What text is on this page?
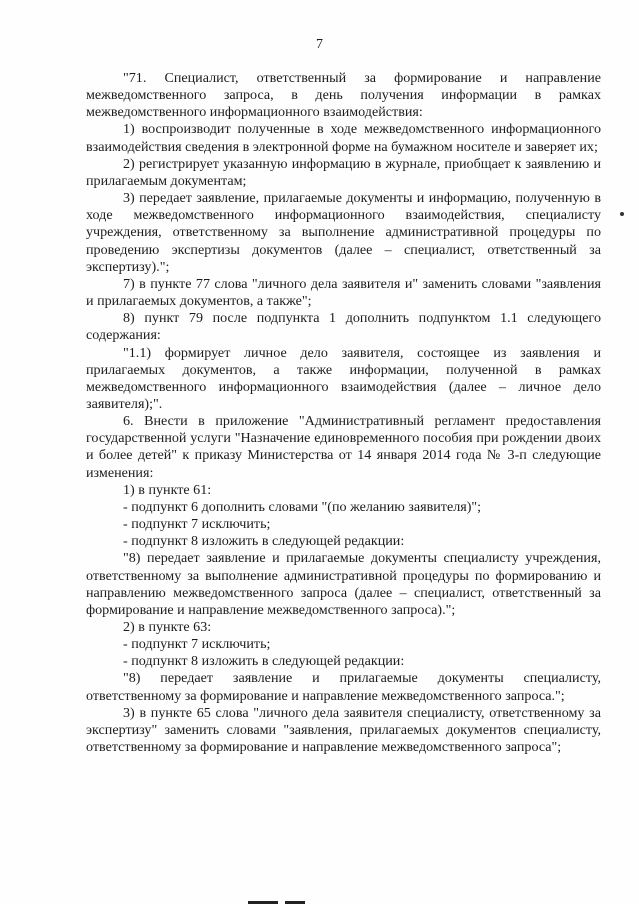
7

"71. Специалист, ответственный за формирование и направление межведомственного запроса, в день получения информации в рамках межведомственного информационного взаимодействия:

1) воспроизводит полученные в ходе межведомственного информационного взаимодействия сведения в электронной форме на бумажном носителе и заверяет их;

2) регистрирует указанную информацию в журнале, приобщает к заявлению и прилагаемым документам;

3) передает заявление, прилагаемые документы и информацию, полученную в ходе межведомственного информационного взаимодействия, специалисту учреждения, ответственному за выполнение административной процедуры по проведению экспертизы документов (далее – специалист, ответственный за экспертизу).";

7) в пункте 77 слова "личного дела заявителя и" заменить словами "заявления и прилагаемых документов, а также";

8) пункт 79 после подпункта 1 дополнить подпунктом 1.1 следующего содержания:

"1.1) формирует личное дело заявителя, состоящее из заявления и прилагаемых документов, а также информации, полученной в рамках межведомственного информационного взаимодействия (далее – личное дело заявителя);".

6. Внести в приложение "Административный регламент предоставления государственной услуги "Назначение единовременного пособия при рождении двоих и более детей" к приказу Министерства от 14 января 2014 года № 3-п следующие изменения:

1) в пункте 61:

- подпункт 6 дополнить словами "(по желанию заявителя)";

- подпункт 7 исключить;

- подпункт 8 изложить в следующей редакции:

"8) передает заявление и прилагаемые документы специалисту учреждения, ответственному за выполнение административной процедуры по формированию и направлению межведомственного запроса (далее – специалист, ответственный за формирование и направление межведомственного запроса).";

2) в пункте 63:

- подпункт 7 исключить;

- подпункт 8 изложить в следующей редакции:

"8) передает заявление и прилагаемые документы специалисту, ответственному за формирование и направление межведомственного запроса.";

3) в пункте 65 слова "личного дела заявителя специалисту, ответственному за экспертизу" заменить словами "заявления, прилагаемых документов специалисту, ответственному за формирование и направление межведомственного запроса";
